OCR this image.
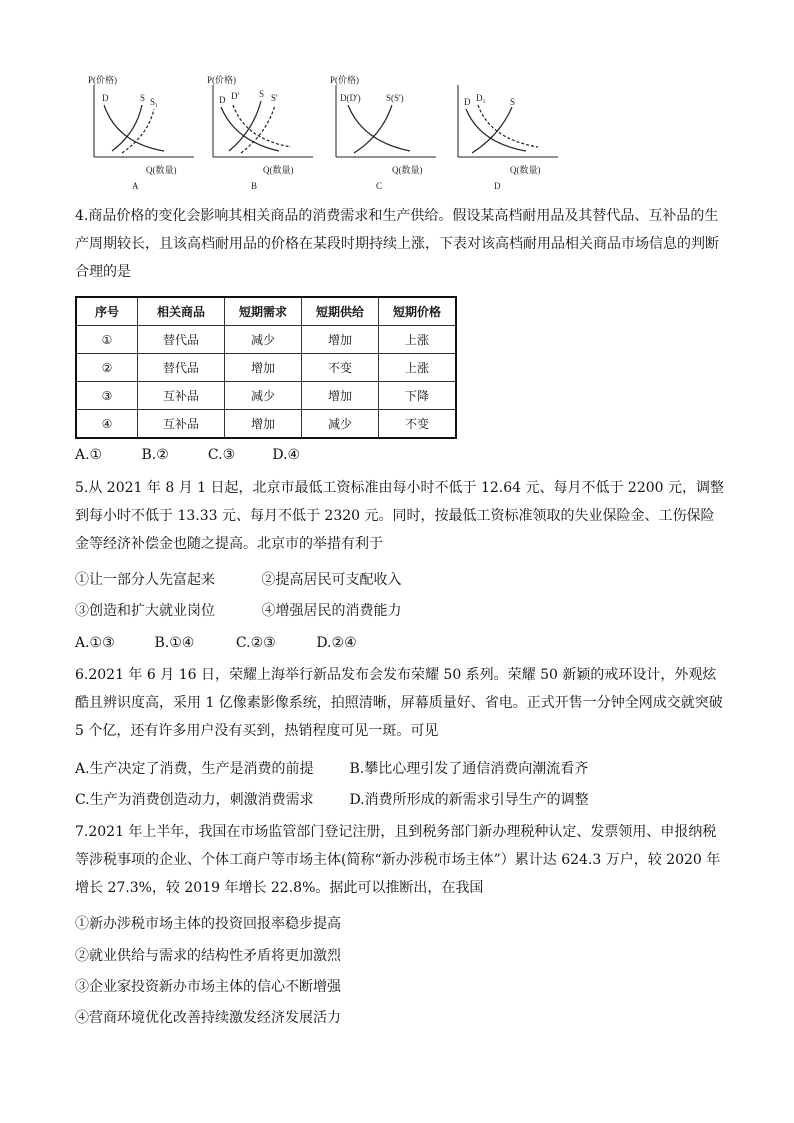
P(价格)
D	S S₁
Q(数量)
A
P(价格)
D D' S S'
Q(数量)
B
P(价格)
D(D')	S(S')
Q(数量)
C
D D₁	S
Q(数量)
D

4.商品价格的变化会影响其相关商品的消费需求和生产供给。假设某高档耐用品及其替代品、互补品的生产周期较长，且该高档耐用品的价格在某段时期持续上涨，下表对该高档耐用品相关商品市场信息的判断合理的是

序号	相关商品	短期需求	短期供给	短期价格
①	替代品	减少	增加	上涨
②	替代品	增加	不变	上涨
③	互补品	减少	增加	下降
④	互补品	增加	减少	不变
A.①	B.②	C.③	D.④

5.从 2021 年 8 月 1 日起，北京市最低工资标准由每小时不低于 12.64 元、每月不低于 2200 元，调整到每小时不低于 13.33 元、每月不低于 2320 元。同时，按最低工资标准领取的失业保险金、工伤保险金等经济补偿金也随之提高。北京市的举措有利于

①让一部分人先富起来	②提高居民可支配收入
③创造和扩大就业岗位	④增强居民的消费能力
A.①③	B.①④	C.②③	D.②④

6.2021 年 6 月 16 日，荣耀上海举行新品发布会发布荣耀 50 系列。荣耀 50 新颖的戒环设计，外观炫酷且辨识度高，采用 1 亿像素影像系统，拍照清晰，屏幕质量好、省电。正式开售一分钟全网成交就突破 5 个亿，还有许多用户没有买到，热销程度可见一斑。可见

A.生产决定了消费，生产是消费的前提	B.攀比心理引发了通信消费向潮流看齐
C.生产为消费创造动力，刺激消费需求	D.消费所形成的新需求引导生产的调整

7.2021 年上半年，我国在市场监管部门登记注册，且到税务部门新办理税种认定、发票领用、申报纳税等涉税事项的企业、个体工商户等市场主体(简称“新办涉税市场主体”）累计达 624.3 万户，较 2020 年增长 27.3%，较 2019 年增长 22.8%。据此可以推断出，在我国

①新办涉税市场主体的投资回报率稳步提高
②就业供给与需求的结构性矛盾将更加激烈
③企业家投资新办市场主体的信心不断增强
④营商环境优化改善持续激发经济发展活力
